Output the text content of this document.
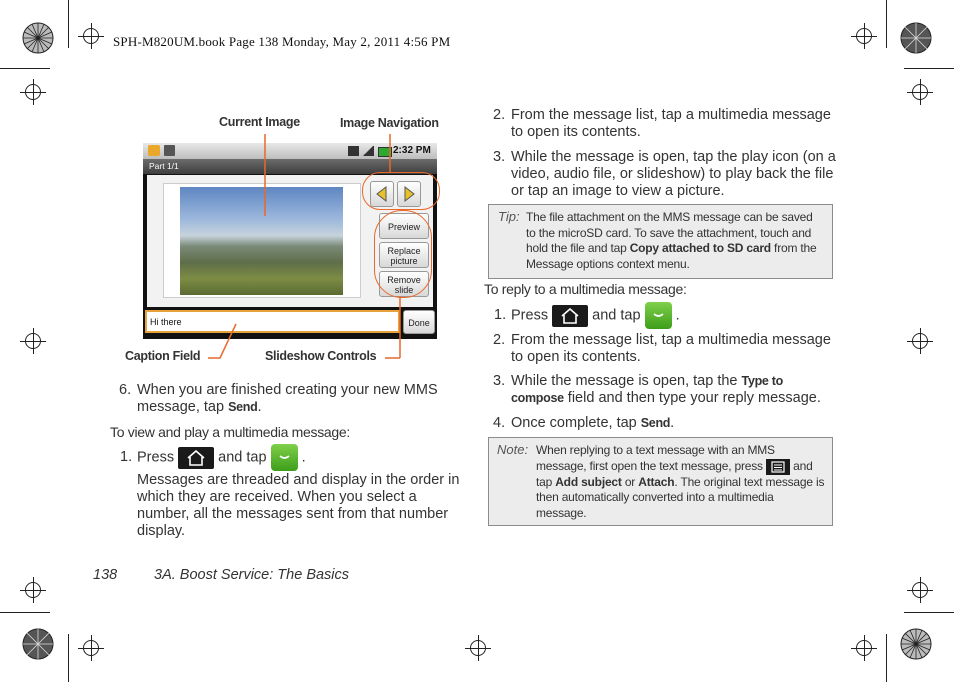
SPH-M820UM.book Page 138 Monday, May 2, 2011 4:56 PM
Current Image	Image Navigation
Caption Field	Slideshow Controls
2:32 PM
Part 1/1
Preview
Replace
picture
Remove
slide
Hi there	Done
6. When you are finished creating your new MMS
message, tap Send.
To view and play a multimedia message:
1. Press	and tap .
Messages are threaded and display in the order in
which they are received. When you select a
number, all the messages sent from that number
display.
2. From the message list, tap a multimedia message
to open its contents.
3. While the message is open, tap the play icon (on a
video, audio file, or slideshow) to play back the file
or tap an image to view a picture.
Tip: The file attachment on the MMS message can be saved
to the microSD card. To save the attachment, touch and
hold the file and tap Copy attached to SD card from the
Message options context menu.
To reply to a multimedia message:
1. Press	and tap .
2. From the message list, tap a multimedia message
to open its contents.
3. While the message is open, tap the Type to
compose field and then type your reply message.
4. Once complete, tap Send.
Note: When replying to a text message with an MMS
message, first open the text message, press	and
tap Add subject or Attach. The original text message is
then automatically converted into a multimedia
message.
138	3A. Boost Service: The Basics
